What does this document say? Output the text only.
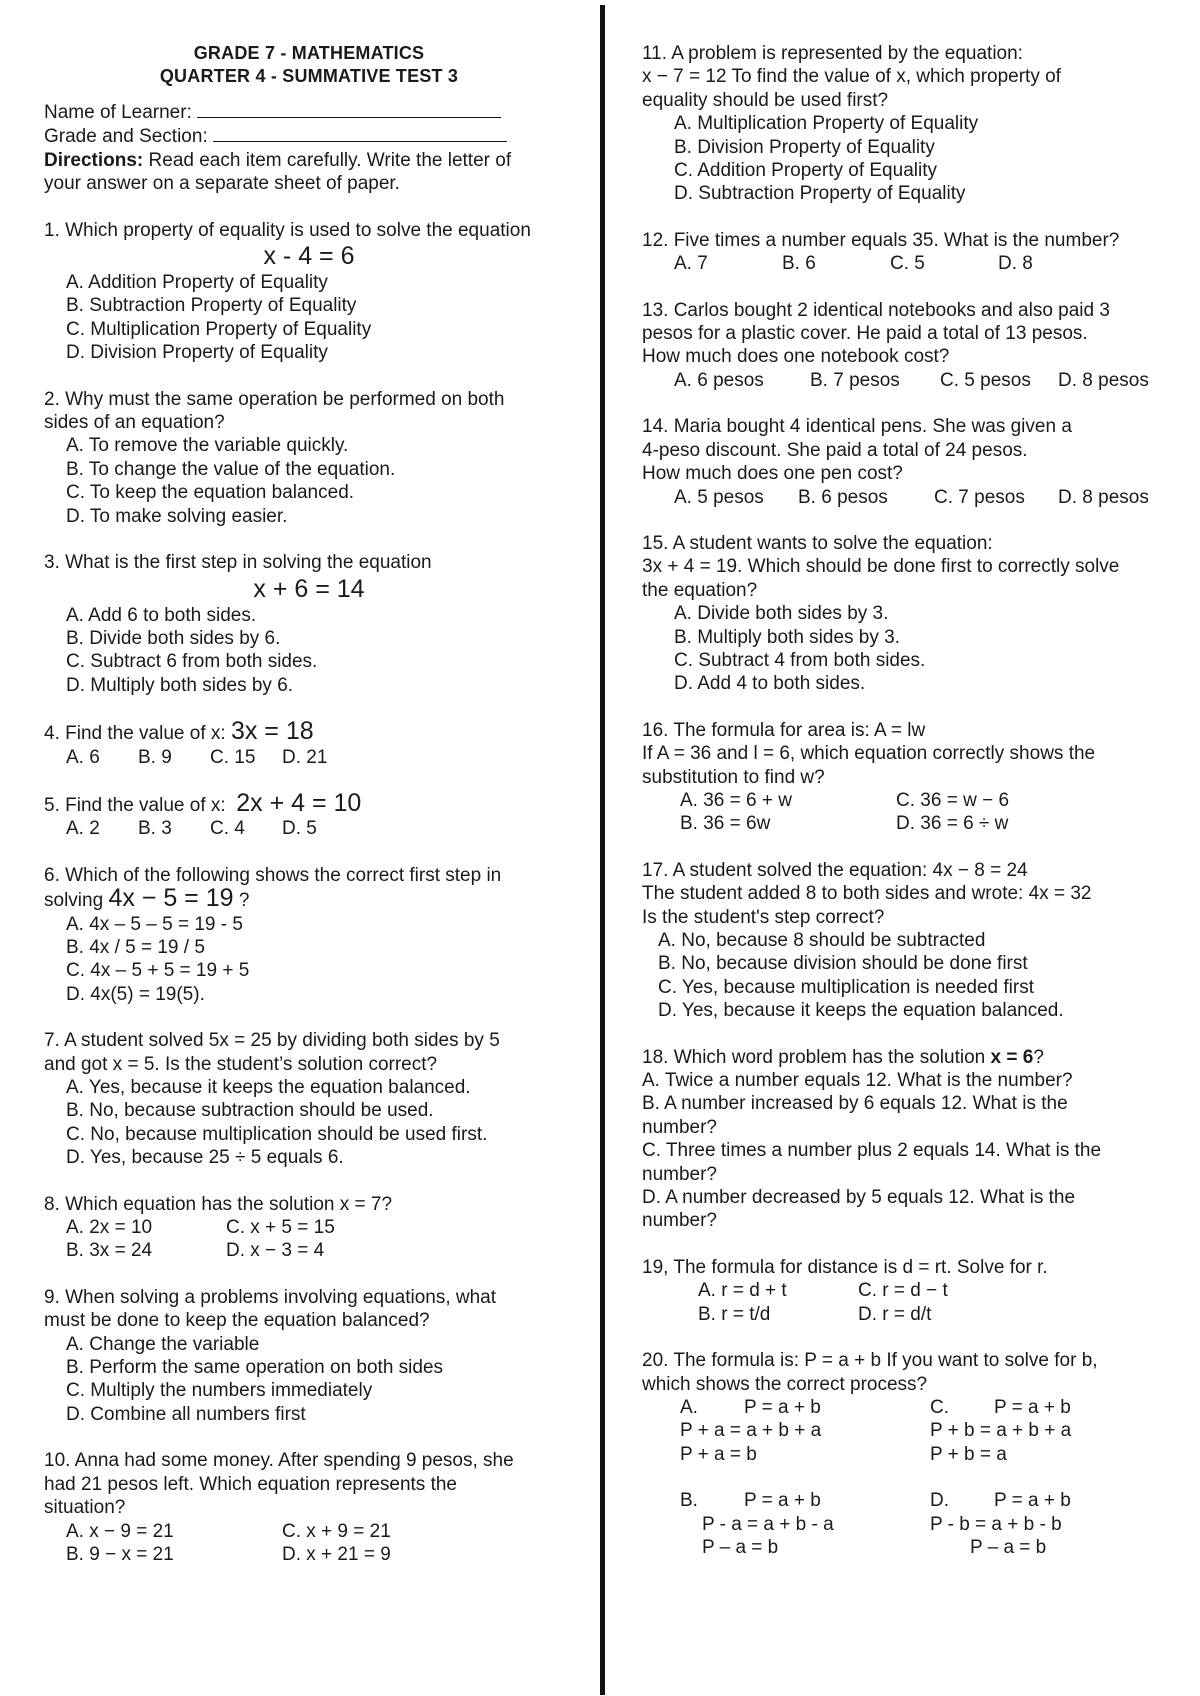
GRADE 7 - MATHEMATICS
QUARTER 4 - SUMMATIVE TEST 3
Name of Learner:
Grade and Section:
Directions: Read each item carefully. Write the letter of
your answer on a separate sheet of paper.
1. Which property of equality is used to solve the equation
x - 4 = 6
A. Addition Property of Equality
B. Subtraction Property of Equality
C. Multiplication Property of Equality
D. Division Property of Equality
2. Why must the same operation be performed on both
sides of an equation?
A. To remove the variable quickly.
B. To change the value of the equation.
C. To keep the equation balanced.
D. To make solving easier.
3. What is the first step in solving the equation
x + 6 = 14
A. Add 6 to both sides.
B. Divide both sides by 6.
C. Subtract 6 from both sides.
D. Multiply both sides by 6.
4. Find the value of x: 3x = 18
A. 6 B. 9 C. 15 D. 21
5. Find the value of x: 2x + 4 = 10
A. 2 B. 3 C. 4 D. 5
6. Which of the following shows the correct first step in
solving 4x − 5 = 19 ?
A. 4x – 5 – 5 = 19 - 5
B. 4x / 5 = 19 / 5
C. 4x – 5 + 5 = 19 + 5
D. 4x(5) = 19(5).
7. A student solved 5x = 25 by dividing both sides by 5
and got x = 5. Is the student’s solution correct?
A. Yes, because it keeps the equation balanced.
B. No, because subtraction should be used.
C. No, because multiplication should be used first.
D. Yes, because 25 ÷ 5 equals 6.
8. Which equation has the solution x = 7?
A. 2x = 10	C. x + 5 = 15
B. 3x = 24	D. x − 3 = 4
9. When solving a problems involving equations, what
must be done to keep the equation balanced?
A. Change the variable
B. Perform the same operation on both sides
C. Multiply the numbers immediately
D. Combine all numbers first
10. Anna had some money. After spending 9 pesos, she
had 21 pesos left. Which equation represents the
situation?
A. x − 9 = 21	C. x + 9 = 21
B. 9 − x = 21	D. x + 21 = 9
11. A problem is represented by the equation:
x − 7 = 12 To find the value of x, which property of
equality should be used first?
A. Multiplication Property of Equality
B. Division Property of Equality
C. Addition Property of Equality
D. Subtraction Property of Equality
12. Five times a number equals 35. What is the number?
A. 7	B. 6	C. 5	D. 8
13. Carlos bought 2 identical notebooks and also paid 3
pesos for a plastic cover. He paid a total of 13 pesos.
How much does one notebook cost?
A. 6 pesos	B. 7 pesos	C. 5 pesos	D. 8 pesos
14. Maria bought 4 identical pens. She was given a
4-peso discount. She paid a total of 24 pesos.
How much does one pen cost?
A. 5 pesos	B. 6 pesos	C. 7 pesos	D. 8 pesos
15. A student wants to solve the equation:
3x + 4 = 19. Which should be done first to correctly solve
the equation?
A. Divide both sides by 3.
B. Multiply both sides by 3.
C. Subtract 4 from both sides.
D. Add 4 to both sides.
16. The formula for area is: A = lw
If A = 36 and l = 6, which equation correctly shows the
substitution to find w?
A. 36 = 6 + w	C. 36 = w − 6
B. 36 = 6w	D. 36 = 6 ÷ w
17. A student solved the equation: 4x − 8 = 24
The student added 8 to both sides and wrote: 4x = 32
Is the student's step correct?
A. No, because 8 should be subtracted
B. No, because division should be done first
C. Yes, because multiplication is needed first
D. Yes, because it keeps the equation balanced.
18. Which word problem has the solution x = 6?
A. Twice a number equals 12. What is the number?
B. A number increased by 6 equals 12. What is the
number?
C. Three times a number plus 2 equals 14. What is the
number?
D. A number decreased by 5 equals 12. What is the
number?
19, The formula for distance is d = rt. Solve for r.
A. r = d + t	C. r = d − t
B. r = t/d	D. r = d/t
20. The formula is: P = a + b If you want to solve for b,
which shows the correct process?
A. P = a + b
P + a = a + b + a
P + a = b
C. P = a + b
P + b = a + b + a
P + b = a
B. P = a + b
P - a = a + b - a
P – a = b
D. P = a + b
P - b = a + b - b
P – a = b
